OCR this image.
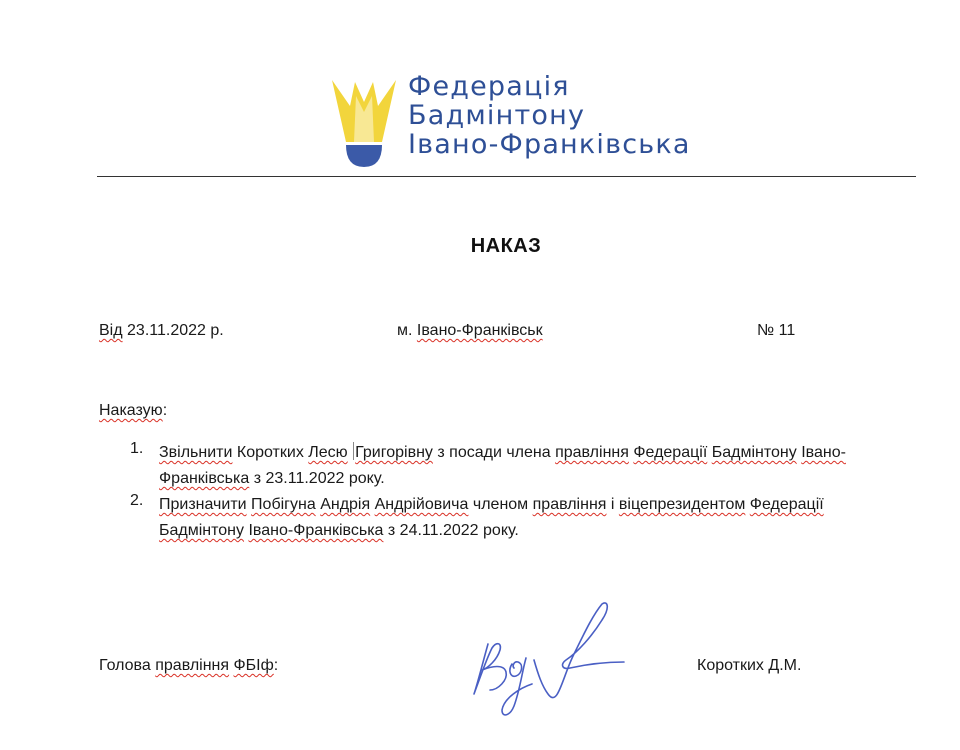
Федерація
Бадмінтону
Івано-Франківська
НАКАЗ
Від 23.11.2022 р.	м. Івано-Франківськ	№ 11
Наказую:
1. Звільнити Коротких Лесю Григорівну з посади члена правління Федерації Бадмінтону Івано-Франківська з 23.11.2022 року.
2. Призначити Побігуна Андрія Андрійовича членом правління і віцепрезидентом Федерації Бадмінтону Івано-Франківська з 24.11.2022 року.
Голова правління ФБІф:	Коротких Д.М.
